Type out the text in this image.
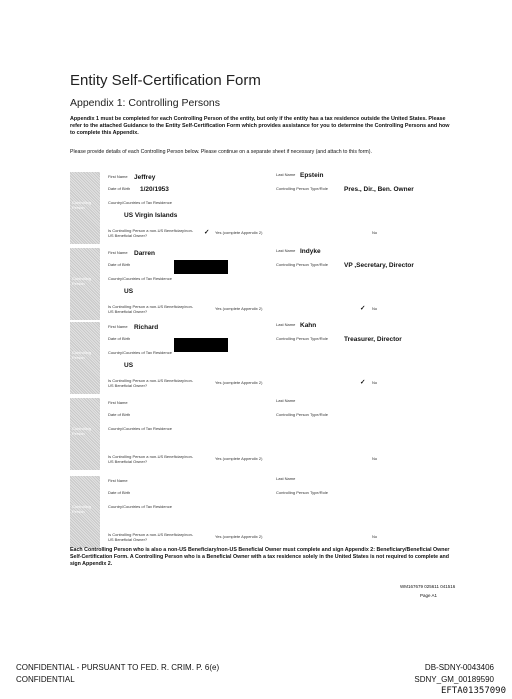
Entity Self-Certification Form
Appendix 1: Controlling Persons
Appendix 1 must be completed for each Controlling Person of the entity, but only if the entity has a tax residence outside the United States. Please refer to the attached Guidance to the Entity Self-Certification Form which provides assistance for you to determine the Controlling Persons and how to complete this Appendix.
Please provide details of each Controlling Person below. Please continue on a separate sheet if necessary (and attach to this form).
Controlling Person
First Name Jeffrey	Last Name Epstein
Date of Birth 1/20/1953	Controlling Person Type/Role Pres., Dir., Ben. Owner
Country/Countries of Tax Residence
US Virgin Islands
Is Controlling Person a non-US Beneficiary/non-US Beneficial Owner?	✓ Yes (complete Appendix 2)	No
Controlling Person
First Name Darren	Last Name Indyke
Date of Birth	Controlling Person Type/Role VP ,Secretary, Director
Country/Countries of Tax Residence
US
Is Controlling Person a non-US Beneficiary/non-US Beneficial Owner?
Yes (complete Appendix 2)	✓ No
Controlling Person
First Name Richard	Last Name Kahn
Date of Birth	Controlling Person Type/Role Treasurer, Director
Country/Countries of Tax Residence
US
Is Controlling Person a non-US Beneficiary/non-US Beneficial Owner?
Yes (complete Appendix 2)	✓ No
Controlling Person
First Name	Last Name
Date of Birth	Controlling Person Type/Role
Country/Countries of Tax Residence
Is Controlling Person a non-US Beneficiary/non-US Beneficial Owner?
Yes (complete Appendix 2)	No
Controlling Person
First Name	Last Name
Date of Birth	Controlling Person Type/Role
Country/Countries of Tax Residence
Is Controlling Person a non-US Beneficiary/non-US Beneficial Owner?
Yes (complete Appendix 2)	No
Each Controlling Person who is also a non-US Beneficiary/non-US Beneficial Owner must complete and sign Appendix 2: Beneficiary/Beneficial Owner Self-Certification Form. A Controlling Person who is a Beneficial Owner with a tax residence solely in the United States is not required to complete and sign Appendix 2.
WM167679 025611 041516
Page A1
CONFIDENTIAL - PURSUANT TO FED. R. CRIM. P. 6(e)
CONFIDENTIAL
DB-SDNY-0043406
SDNY_GM_00189590
EFTA01357090
